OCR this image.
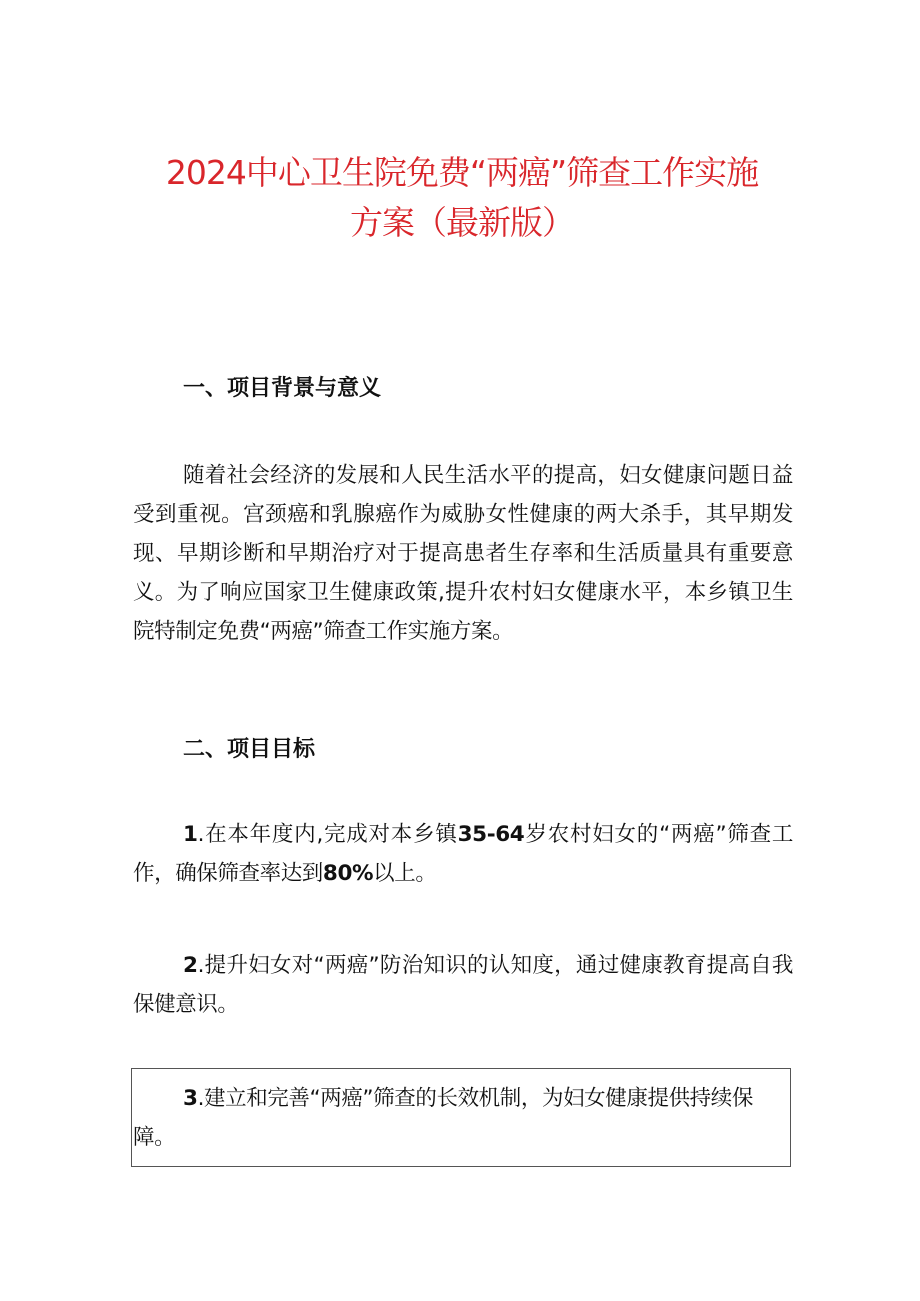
2024中心卫生院免费“两癌”筛查工作实施
方案（最新版）
一、项目背景与意义
随着社会经济的发展和人民生活水平的提高，妇女健康问题日益受到重视。宫颈癌和乳腺癌作为威胁女性健康的两大杀手，其早期发现、早期诊断和早期治疗对于提高患者生存率和生活质量具有重要意义。为了响应国家卫生健康政策,提升农村妇女健康水平，本乡镇卫生院特制定免费“两癌”筛查工作实施方案。
二、项目目标
1.在本年度内,完成对本乡镇35-64岁农村妇女的“两癌”筛查工作，确保筛查率达到80%以上。
2.提升妇女对“两癌”防治知识的认知度，通过健康教育提高自我保健意识。
3.建立和完善“两癌”筛查的长效机制，为妇女健康提供持续保障。
